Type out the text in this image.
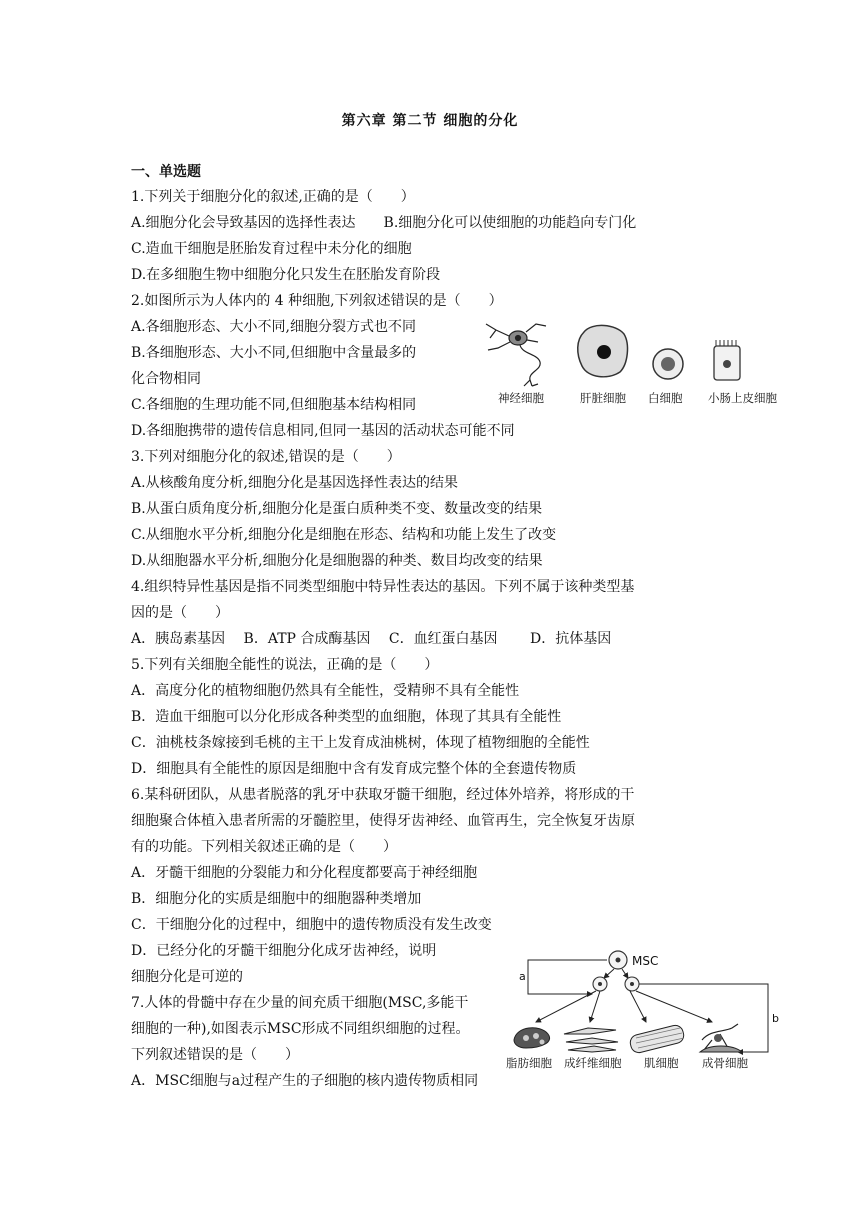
第六章 第二节 细胞的分化
一、单选题
1.下列关于细胞分化的叙述,正确的是（　　）
A.细胞分化会导致基因的选择性表达　　B.细胞分化可以使细胞的功能趋向专门化
C.造血干细胞是胚胎发育过程中未分化的细胞
D.在多细胞生物中细胞分化只发生在胚胎发育阶段
2.如图所示为人体内的 4 种细胞,下列叙述错误的是（　　）
A.各细胞形态、大小不同,细胞分裂方式也不同
B.各细胞形态、大小不同,但细胞中含量最多的
化合物相同
C.各细胞的生理功能不同,但细胞基本结构相同
D.各细胞携带的遗传信息相同,但同一基因的活动状态可能不同
3.下列对细胞分化的叙述,错误的是（　　）
A.从核酸角度分析,细胞分化是基因选择性表达的结果
B.从蛋白质角度分析,细胞分化是蛋白质种类不变、数量改变的结果
C.从细胞水平分析,细胞分化是细胞在形态、结构和功能上发生了改变
D.从细胞器水平分析,细胞分化是细胞器的种类、数目均改变的结果
4.组织特异性基因是指不同类型细胞中特异性表达的基因。下列不属于该种类型基
因的是（　　）
A．胰岛素基因　 B．ATP 合成酶基因　 C．血红蛋白基因　　 D．抗体基因
5.下列有关细胞全能性的说法，正确的是（　　）
A．高度分化的植物细胞仍然具有全能性，受精卵不具有全能性
B．造血干细胞可以分化形成各种类型的血细胞，体现了其具有全能性
C．油桃枝条嫁接到毛桃的主干上发育成油桃树，体现了植物细胞的全能性
D．细胞具有全能性的原因是细胞中含有发育成完整个体的全套遗传物质
6.某科研团队，从患者脱落的乳牙中获取牙髓干细胞，经过体外培养，将形成的干
细胞聚合体植入患者所需的牙髓腔里，使得牙齿神经、血管再生，完全恢复牙齿原
有的功能。下列相关叙述正确的是（　　）
A．牙髓干细胞的分裂能力和分化程度都要高于神经细胞
B．细胞分化的实质是细胞中的细胞器种类增加
C．干细胞分化的过程中，细胞中的遗传物质没有发生改变
D．已经分化的牙髓干细胞分化成牙齿神经，说明
细胞分化是可逆的
7.人体的骨髓中存在少量的间充质干细胞(MSC,多能干
细胞的一种),如图表示MSC形成不同组织细胞的过程。
下列叙述错误的是（　　）
A．MSC细胞与a过程产生的子细胞的核内遗传物质相同
神经细胞	肝脏细胞 白细胞 小肠上皮细胞
MSC
a
b
脂肪细胞 成纤维细胞 肌细胞 成骨细胞
